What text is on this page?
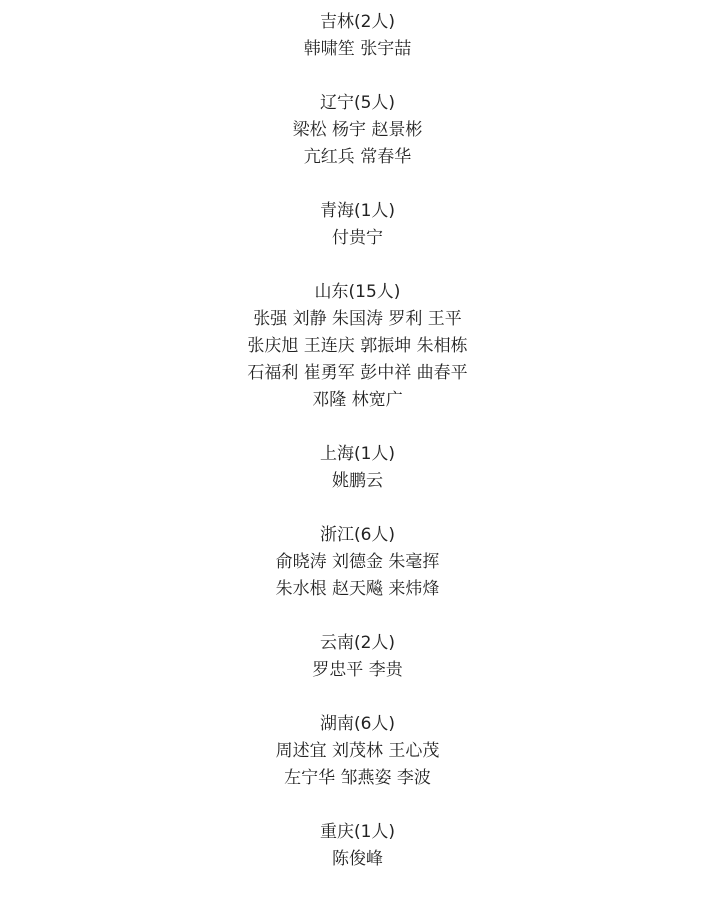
吉林(2人)
韩啸笙 张宇喆
辽宁(5人)
梁松 杨宇 赵景彬
亢红兵 常春华
青海(1人)
付贵宁
山东(15人)
张强 刘静 朱国涛 罗利 王平
张庆旭 王连庆 郭振坤 朱相栋
石福利 崔勇军 彭中祥 曲春平
邓隆 林宽广
上海(1人)
姚鹏云
浙江(6人)
俞晓涛 刘德金 朱毫挥
朱水根 赵天飚 来炜烽
云南(2人)
罗忠平 李贵
湖南(6人)
周述宜 刘茂林 王心茂
左宁华 邹燕姿 李波
重庆(1人)
陈俊峰
